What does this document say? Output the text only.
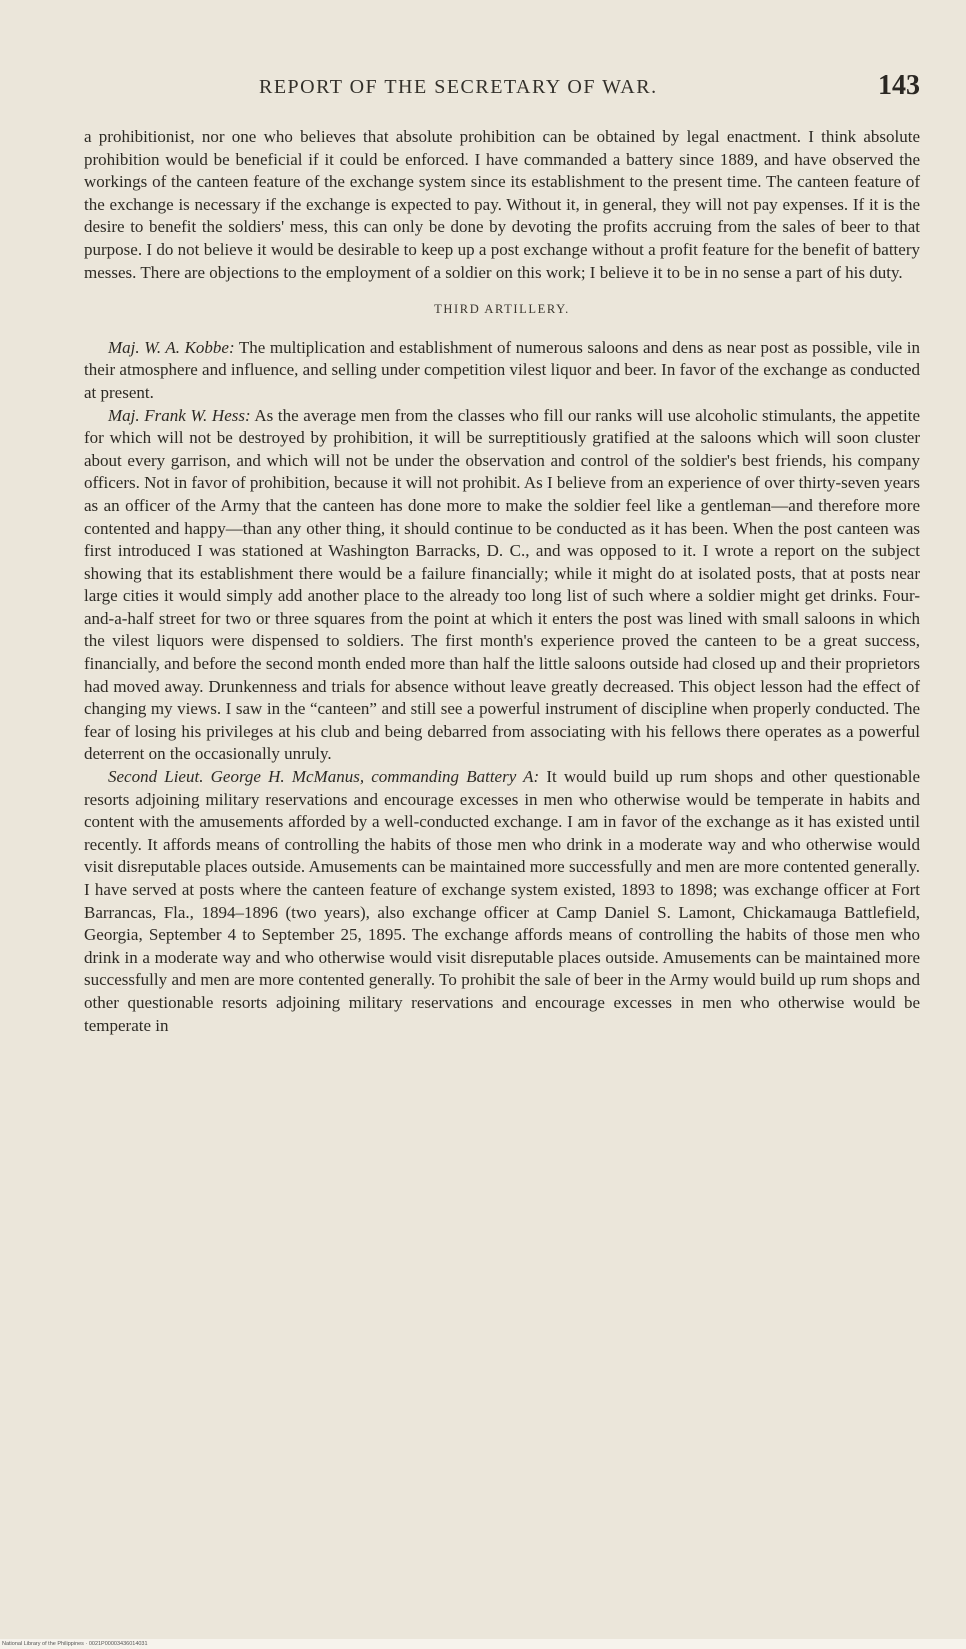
REPORT OF THE SECRETARY OF WAR.	143

a prohibitionist, nor one who believes that absolute prohibition can be obtained by legal enactment. I think absolute prohibition would be beneficial if it could be enforced. I have commanded a battery since 1889, and have observed the workings of the canteen feature of the exchange system since its establishment to the present time. The canteen feature of the exchange is necessary if the exchange is expected to pay. Without it, in general, they will not pay expenses. If it is the desire to benefit the soldiers' mess, this can only be done by devoting the profits accruing from the sales of beer to that purpose. I do not believe it would be desirable to keep up a post exchange without a profit feature for the benefit of battery messes. There are objections to the employment of a soldier on this work; I believe it to be in no sense a part of his duty.

THIRD ARTILLERY.

Maj. W. A. Kobbe: The multiplication and establishment of numerous saloons and dens as near post as possible, vile in their atmosphere and influence, and selling under competition vilest liquor and beer. In favor of the exchange as conducted at present.

Maj. Frank W. Hess: As the average men from the classes who fill our ranks will use alcoholic stimulants, the appetite for which will not be destroyed by prohibition, it will be surreptitiously gratified at the saloons which will soon cluster about every garrison, and which will not be under the observation and control of the soldier's best friends, his company officers. Not in favor of prohibition, because it will not prohibit. As I believe from an experience of over thirty-seven years as an officer of the Army that the canteen has done more to make the soldier feel like a gentleman—and therefore more contented and happy—than any other thing, it should continue to be conducted as it has been. When the post canteen was first introduced I was stationed at Washington Barracks, D. C., and was opposed to it. I wrote a report on the subject showing that its establishment there would be a failure financially; while it might do at isolated posts, that at posts near large cities it would simply add another place to the already too long list of such where a soldier might get drinks. Four-and-a-half street for two or three squares from the point at which it enters the post was lined with small saloons in which the vilest liquors were dispensed to soldiers. The first month's experience proved the canteen to be a great success, financially, and before the second month ended more than half the little saloons outside had closed up and their proprietors had moved away. Drunkenness and trials for absence without leave greatly decreased. This object lesson had the effect of changing my views. I saw in the “canteen” and still see a powerful instrument of discipline when properly conducted. The fear of losing his privileges at his club and being debarred from associating with his fellows there operates as a powerful deterrent on the occasionally unruly.

Second Lieut. George H. McManus, commanding Battery A: It would build up rum shops and other questionable resorts adjoining military reservations and encourage excesses in men who otherwise would be temperate in habits and content with the amusements afforded by a well-conducted exchange. I am in favor of the exchange as it has existed until recently. It affords means of controlling the habits of those men who drink in a moderate way and who otherwise would visit disreputable places outside. Amusements can be maintained more successfully and men are more contented generally. I have served at posts where the canteen feature of exchange system existed, 1893 to 1898; was exchange officer at Fort Barrancas, Fla., 1894–1896 (two years), also exchange officer at Camp Daniel S. Lamont, Chickamauga Battlefield, Georgia, September 4 to September 25, 1895. The exchange affords means of controlling the habits of those men who drink in a moderate way and who otherwise would visit disreputable places outside. Amusements can be maintained more successfully and men are more contented generally. To prohibit the sale of beer in the Army would build up rum shops and other questionable resorts adjoining military reservations and encourage excesses in men who otherwise would be temperate in

National Library of the Philippines · 0021P00003436014031
